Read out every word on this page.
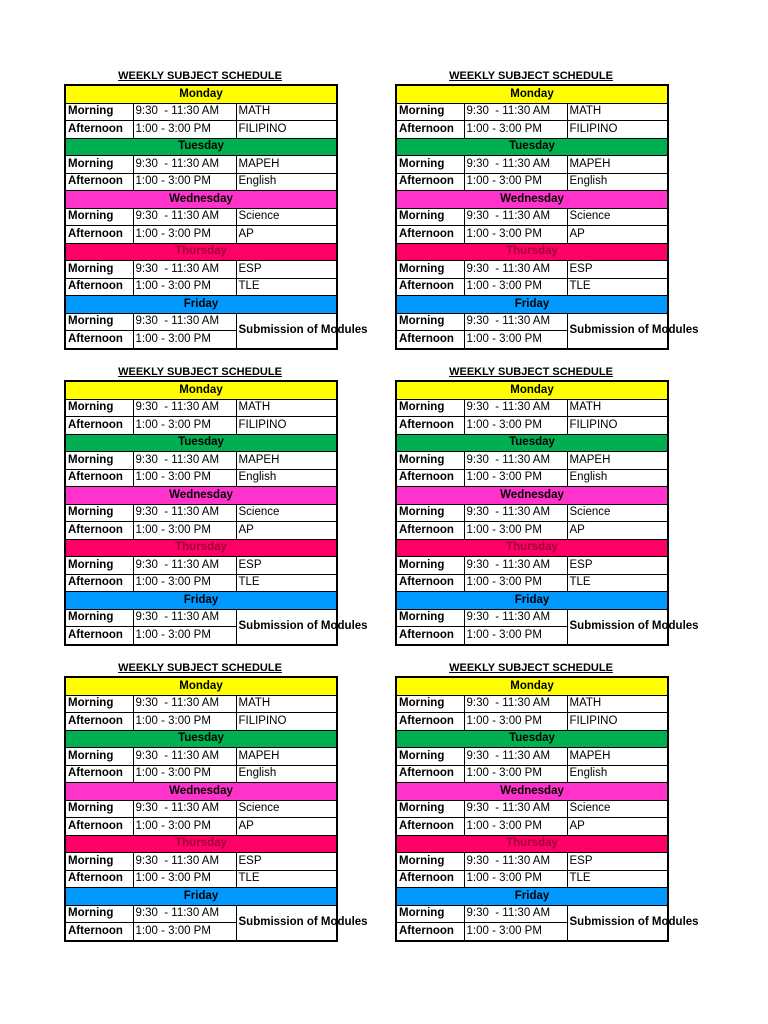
WEEKLY SUBJECT SCHEDULE
Monday		
Morning	9:30  - 11:30 AM	MATH
Afternoon	1:00 - 3:00 PM	FILIPINO
Tuesday		
Morning	9:30  - 11:30 AM	MAPEH
Afternoon	1:00 - 3:00 PM	English
Wednesday		
Morning	9:30  - 11:30 AM	Science
Afternoon	1:00 - 3:00 PM	AP
Thursday		
Morning	9:30  - 11:30 AM	ESP
Afternoon	1:00 - 3:00 PM	TLE
Friday		
Morning	9:30  - 11:30 AM	Submission of Modules
Afternoon	1:00 - 3:00 PM	
WEEKLY SUBJECT SCHEDULE
Monday		
Morning	9:30  - 11:30 AM	MATH
Afternoon	1:00 - 3:00 PM	FILIPINO
Tuesday		
Morning	9:30  - 11:30 AM	MAPEH
Afternoon	1:00 - 3:00 PM	English
Wednesday		
Morning	9:30  - 11:30 AM	Science
Afternoon	1:00 - 3:00 PM	AP
Thursday		
Morning	9:30  - 11:30 AM	ESP
Afternoon	1:00 - 3:00 PM	TLE
Friday		
Morning	9:30  - 11:30 AM	Submission of Modules
Afternoon	1:00 - 3:00 PM	
WEEKLY SUBJECT SCHEDULE
Monday		
Morning	9:30  - 11:30 AM	MATH
Afternoon	1:00 - 3:00 PM	FILIPINO
Tuesday		
Morning	9:30  - 11:30 AM	MAPEH
Afternoon	1:00 - 3:00 PM	English
Wednesday		
Morning	9:30  - 11:30 AM	Science
Afternoon	1:00 - 3:00 PM	AP
Thursday		
Morning	9:30  - 11:30 AM	ESP
Afternoon	1:00 - 3:00 PM	TLE
Friday		
Morning	9:30  - 11:30 AM	Submission of Modules
Afternoon	1:00 - 3:00 PM	
WEEKLY SUBJECT SCHEDULE
Monday		
Morning	9:30  - 11:30 AM	MATH
Afternoon	1:00 - 3:00 PM	FILIPINO
Tuesday		
Morning	9:30  - 11:30 AM	MAPEH
Afternoon	1:00 - 3:00 PM	English
Wednesday		
Morning	9:30  - 11:30 AM	Science
Afternoon	1:00 - 3:00 PM	AP
Thursday		
Morning	9:30  - 11:30 AM	ESP
Afternoon	1:00 - 3:00 PM	TLE
Friday		
Morning	9:30  - 11:30 AM	Submission of Modules
Afternoon	1:00 - 3:00 PM	
WEEKLY SUBJECT SCHEDULE
Monday		
Morning	9:30  - 11:30 AM	MATH
Afternoon	1:00 - 3:00 PM	FILIPINO
Tuesday		
Morning	9:30  - 11:30 AM	MAPEH
Afternoon	1:00 - 3:00 PM	English
Wednesday		
Morning	9:30  - 11:30 AM	Science
Afternoon	1:00 - 3:00 PM	AP
Thursday		
Morning	9:30  - 11:30 AM	ESP
Afternoon	1:00 - 3:00 PM	TLE
Friday		
Morning	9:30  - 11:30 AM	Submission of Modules
Afternoon	1:00 - 3:00 PM	
WEEKLY SUBJECT SCHEDULE
Monday		
Morning	9:30  - 11:30 AM	MATH
Afternoon	1:00 - 3:00 PM	FILIPINO
Tuesday		
Morning	9:30  - 11:30 AM	MAPEH
Afternoon	1:00 - 3:00 PM	English
Wednesday		
Morning	9:30  - 11:30 AM	Science
Afternoon	1:00 - 3:00 PM	AP
Thursday		
Morning	9:30  - 11:30 AM	ESP
Afternoon	1:00 - 3:00 PM	TLE
Friday		
Morning	9:30  - 11:30 AM	Submission of Modules
Afternoon	1:00 - 3:00 PM	
